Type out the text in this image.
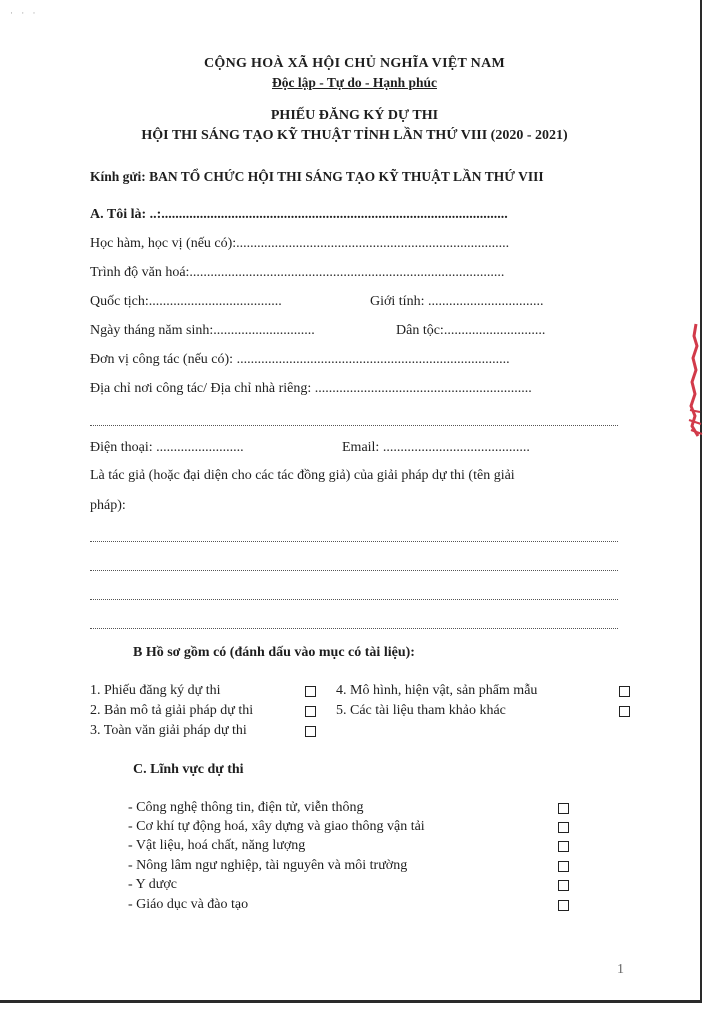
· · ·
CỘNG HOÀ XÃ HỘI CHỦ NGHĨA VIỆT NAM
Độc lập - Tự do - Hạnh phúc
PHIẾU ĐĂNG KÝ DỰ THI
HỘI THI SÁNG TẠO KỸ THUẬT TỈNH LẦN THỨ VIII (2020 - 2021)
Kính gửi: BAN TỔ CHỨC HỘI THI SÁNG TẠO KỸ THUẬT LẦN THỨ VIII
A. Tôi là: ..:...................................................................................................
Học hàm, học vị (nếu có):..............................................................................
Trình độ văn hoá:..........................................................................................
Quốc tịch:......................................	Giới tính: .................................
Ngày tháng năm sinh:.............................	Dân tộc:.............................
Đơn vị công tác (nếu có): ..............................................................................
Địa chỉ nơi công tác/ Địa chỉ nhà riêng: ..............................................................
Điện thoại: .........................	Email: ..........................................
Là tác giả (hoặc đại diện cho các tác đồng giả) của giải pháp dự thi (tên giải
pháp):
B Hồ sơ gồm có (đánh dấu vào mục có tài liệu):
1. Phiếu đăng ký dự thi
2. Bản mô tả giải pháp dự thi
3. Toàn văn giải pháp dự thi
4. Mô hình, hiện vật, sản phẩm mẫu
5. Các tài liệu tham khảo khác
C. Lĩnh vực dự thi
- Công nghệ thông tin, điện tử, viễn thông
- Cơ khí tự động hoá, xây dựng và giao thông vận tải
- Vật liệu, hoá chất, năng lượng
- Nông lâm ngư nghiệp, tài nguyên và môi trường
- Y dược
- Giáo dục và đào tạo
1
